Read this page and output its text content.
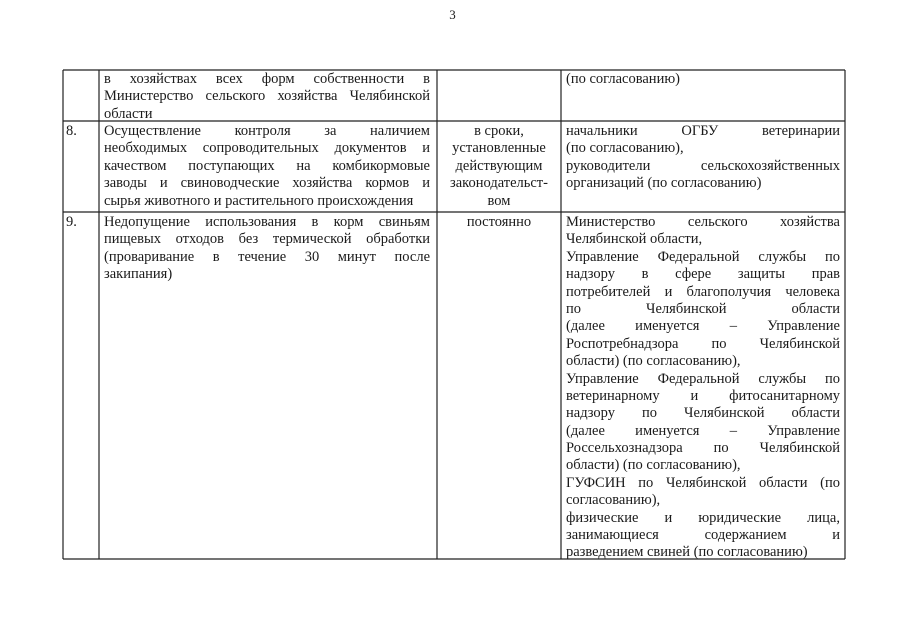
3
в хозяйствах всех форм собственности в
Министерство сельского хозяйства Челябинской
области
(по согласованию)
8. Осуществление контроля за наличием
необходимых сопроводительных документов и
качеством поступающих на комбикормовые
заводы и свиноводческие хозяйства кормов и
сырья животного и растительного происхождения
в сроки,
установленные
действующим
законодательст-
вом
начальники ОГБУ ветеринарии
(по согласованию),
руководители сельскохозяйственных
организаций (по согласованию)
9. Недопущение использования в корм свиньям
пищевых отходов без термической обработки
(проваривание в течение 30 минут после
закипания)
постоянно	Министерство сельского хозяйства
Челябинской области,
Управление Федеральной службы по
надзору в сфере защиты прав
потребителей и благополучия человека
по Челябинской области
(далее именуется – Управление
Роспотребнадзора по Челябинской
области) (по согласованию),
Управление Федеральной службы по
ветеринарному и фитосанитарному
надзору по Челябинской области
(далее именуется – Управление
Россельхознадзора по Челябинской
области) (по согласованию),
ГУФСИН по Челябинской области (по
согласованию),
физические и юридические лица,
занимающиеся содержанием и
разведением свиней (по согласованию)
